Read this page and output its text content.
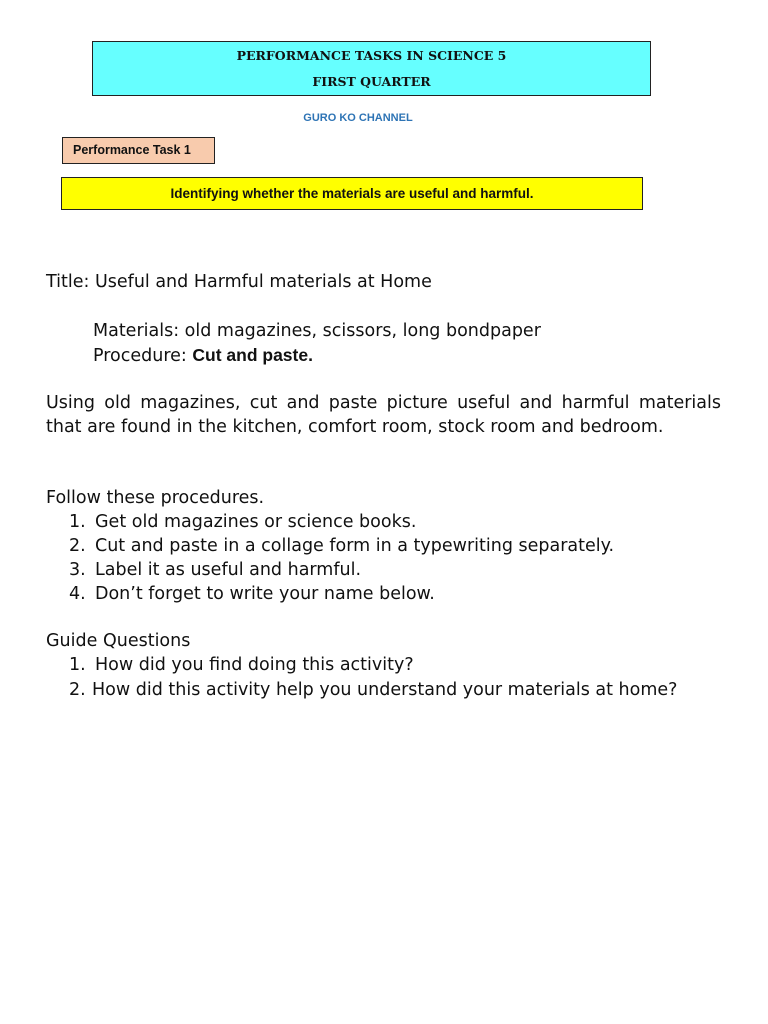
PERFORMANCE TASKS IN SCIENCE 5
FIRST QUARTER
GURO KO CHANNEL
Performance Task 1
Identifying whether the materials are useful and harmful.
Title: Useful and Harmful materials at Home
Materials: old magazines, scissors, long bondpaper
Procedure: Cut and paste.
Using old magazines, cut and paste picture useful and harmful materials that are found in the kitchen, comfort room, stock room and bedroom.
Follow these procedures.
1. Get old magazines or science books.
2. Cut and paste in a collage form in a typewriting separately.
3. Label it as useful and harmful.
4. Don’t forget to write your name below.
Guide Questions
1. How did you find doing this activity?
2. How did this activity help you understand your materials at home?
